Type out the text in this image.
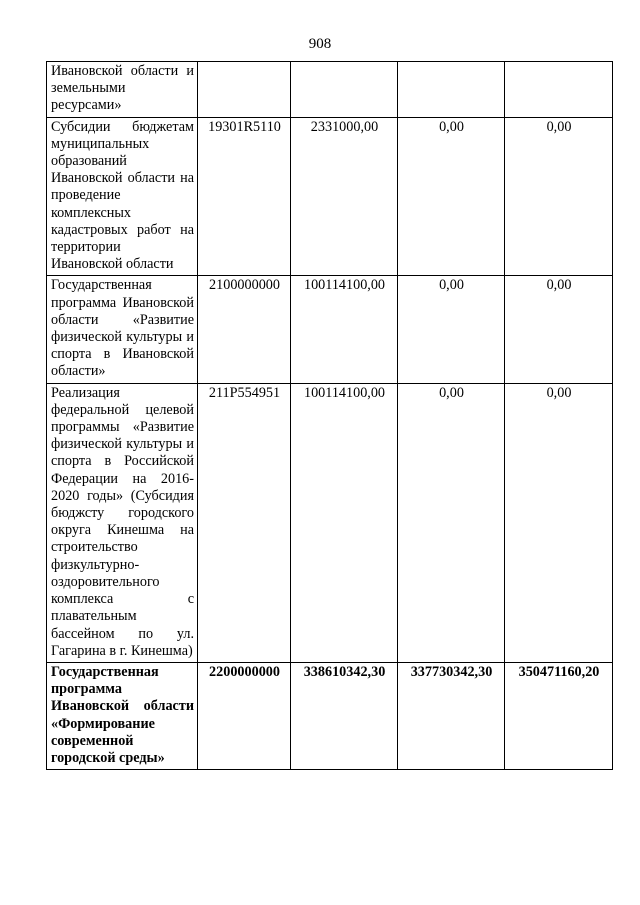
908
Ивановской области и земельными ресурсами»				
Субсидии бюджетам муниципальных образований Ивановской области на проведение комплексных кадастровых работ на территории Ивановской области	19301R5110	2331000,00	0,00	0,00
Государственная программа Ивановской области «Развитие физической культуры и спорта в Ивановской области»	2100000000	100114100,00	0,00	0,00
Реализация федеральной целевой программы «Развитие физической культуры и спорта в Российской Федерации на 2016-2020 годы» (Субсидия бюджсту городского округа Кинешма на строительство физкультурно-оздоровительного комплекса с плавательным бассейном по ул. Гагарина в г. Кинешма)	211P554951	100114100,00	0,00	0,00
Государственная программа Ивановской области «Формирование современной городской среды»	2200000000	338610342,30	337730342,30	350471160,20
